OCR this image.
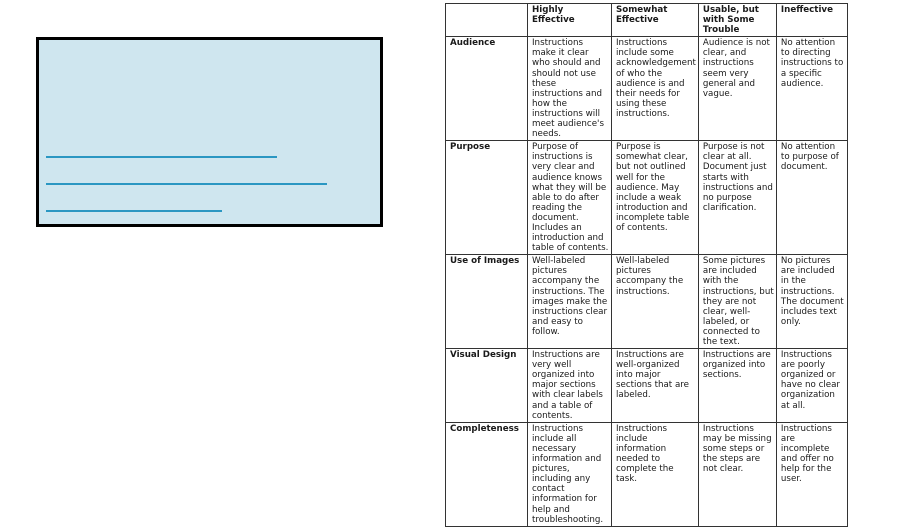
	Highly Effective	Somewhat Effective	Usable, but with Some Trouble	Ineffective
Audience	Instructions make it clear who should and should not use these instructions and how the instructions will meet audience's needs.	Instructions include some acknowledgement of who the audience is and their needs for using these instructions.	Audience is not clear, and instructions seem very general and vague.	No attention to directing instructions to a specific audience.
Purpose	Purpose of instructions is very clear and audience knows what they will be able to do after reading the document. Includes an introduction and table of contents.	Purpose is somewhat clear, but not outlined well for the audience. May include a weak introduction and incomplete table of contents.	Purpose is not clear at all. Document just starts with instructions and no purpose clarification.	No attention to purpose of document.
Use of Images	Well-labeled pictures accompany the instructions. The images make the instructions clear and easy to follow.	Well-labeled pictures accompany the instructions.	Some pictures are included with the instructions, but they are not clear, well-labeled, or connected to the text.	No pictures are included in the instructions. The document includes text only.
Visual Design	Instructions are very well organized into major sections with clear labels and a table of contents.	Instructions are well-organized into major sections that are labeled.	Instructions are organized into sections.	Instructions are poorly organized or have no clear organization at all.
Completeness	Instructions include all necessary information and pictures, including any contact information for help and troubleshooting.	Instructions include information needed to complete the task.	Instructions may be missing some steps or the steps are not clear.	Instructions are incomplete and offer no help for the user.
